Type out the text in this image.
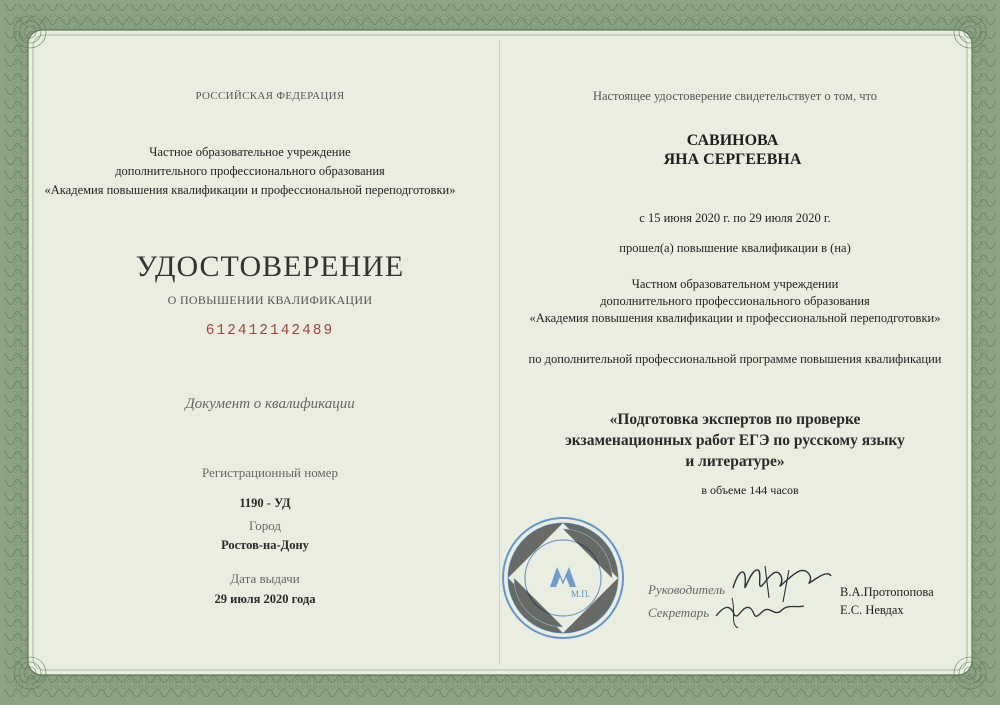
РОССИЙСКАЯ ФЕДЕРАЦИЯ
Частное образовательное учреждение
дополнительного профессионального образования
«Академия повышения квалификации и профессиональной переподготовки»
УДОСТОВЕРЕНИЕ
О ПОВЫШЕНИИ КВАЛИФИКАЦИИ
612412142489
Документ о квалификации
Регистрационный номер
1190 - УД
Город
Ростов-на-Дону
Дата выдачи
29 июля 2020 года
Настоящее удостоверение свидетельствует о том, что
САВИНОВА
ЯНА СЕРГЕЕВНА
с 15 июня 2020 г. по 29 июля 2020 г.
прошел(а) повышение квалификации в (на)
Частном образовательном учреждении
дополнительного профессионального образования
«Академия повышения квалификации и профессиональной переподготовки»
по дополнительной профессиональной программе повышения квалификации
«Подготовка экспертов по проверке
экзаменационных работ ЕГЭ по русскому языку
и литературе»
в объеме 144 часов
Руководитель	В.А.Протопопова
Секретарь	Е.С. Невдах
М.П.
